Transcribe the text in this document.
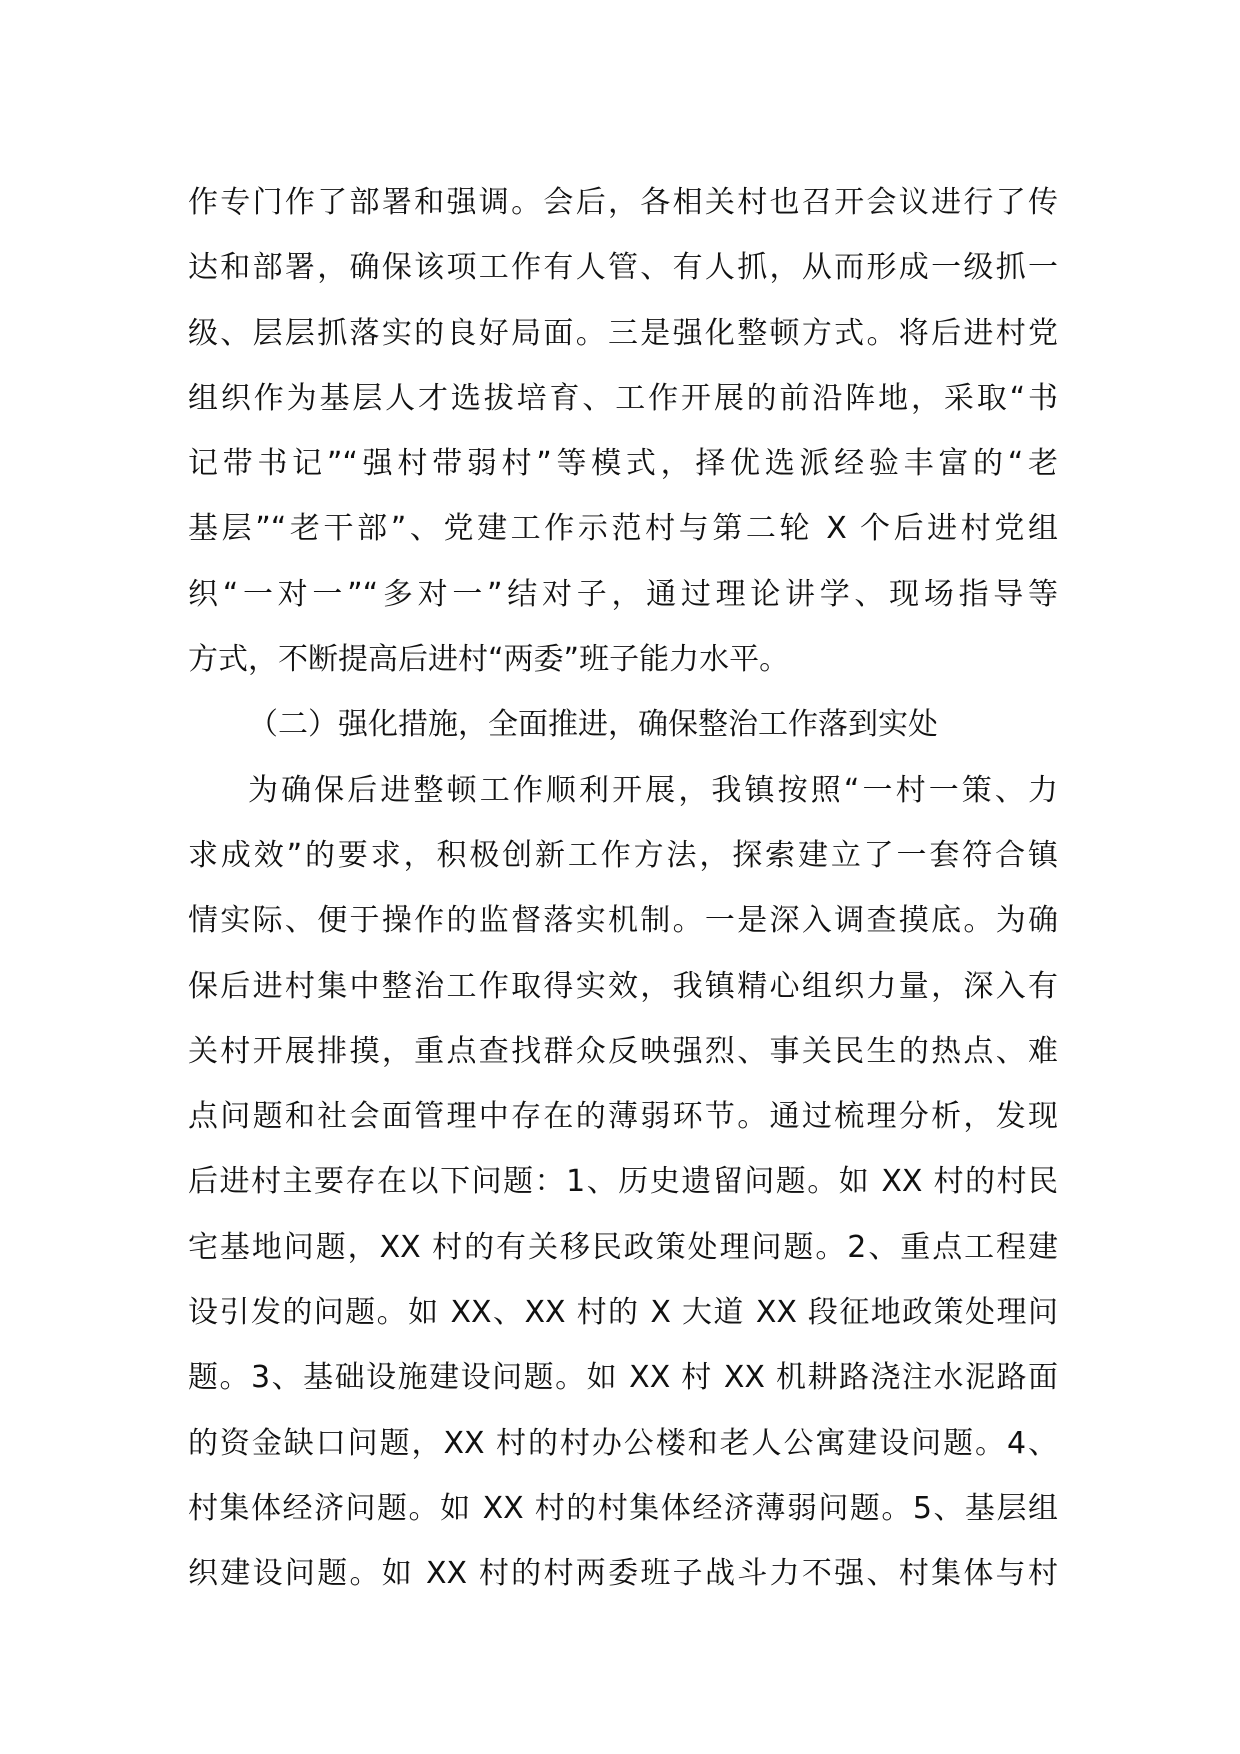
作专门作了部署和强调。会后，各相关村也召开会议进行了传
达和部署，确保该项工作有人管、有人抓，从而形成一级抓一
级、层层抓落实的良好局面。三是强化整顿方式。将后进村党
组织作为基层人才选拔培育、工作开展的前沿阵地，采取“书
记带书记”“强村带弱村”等模式，择优选派经验丰富的“老
基层”“老干部”、党建工作示范村与第二轮 X 个后进村党组
织“一对一”“多对一”结对子，通过理论讲学、现场指导等
方式，不断提高后进村“两委”班子能力水平。
（二）强化措施，全面推进，确保整治工作落到实处
为确保后进整顿工作顺利开展，我镇按照“一村一策、力
求成效”的要求，积极创新工作方法，探索建立了一套符合镇
情实际、便于操作的监督落实机制。一是深入调查摸底。为确
保后进村集中整治工作取得实效，我镇精心组织力量，深入有
关村开展排摸，重点查找群众反映强烈、事关民生的热点、难
点问题和社会面管理中存在的薄弱环节。通过梳理分析，发现
后进村主要存在以下问题：1、历史遗留问题。如 XX 村的村民
宅基地问题，XX 村的有关移民政策处理问题。2、重点工程建
设引发的问题。如 XX、XX 村的 X 大道 XX 段征地政策处理问
题。3、基础设施建设问题。如 XX 村 XX 机耕路浇注水泥路面
的资金缺口问题，XX 村的村办公楼和老人公寓建设问题。4、
村集体经济问题。如 XX 村的村集体经济薄弱问题。5、基层组
织建设问题。如 XX 村的村两委班子战斗力不强、村集体与村
